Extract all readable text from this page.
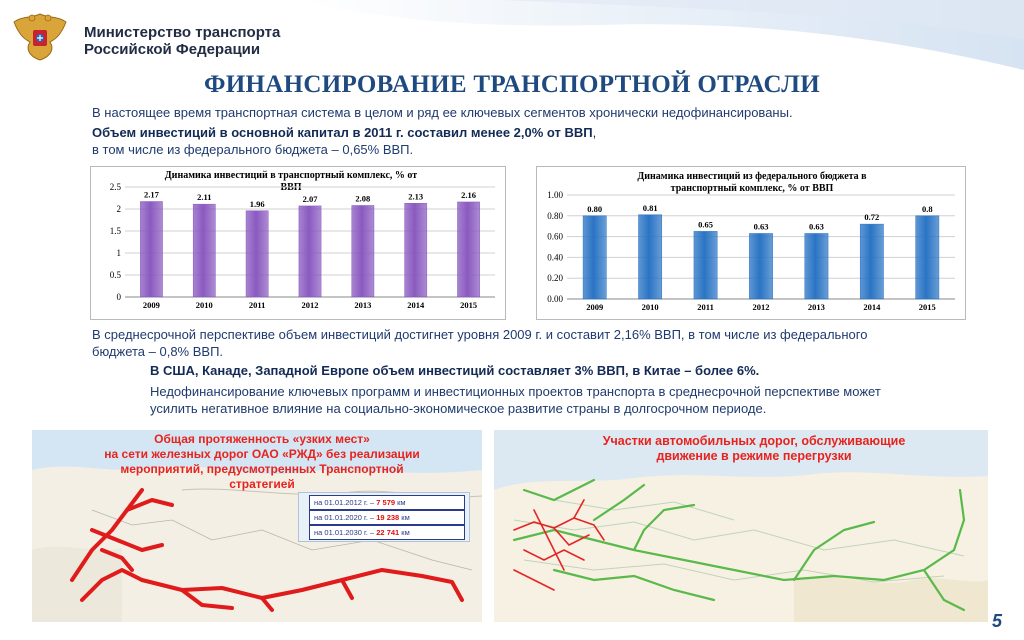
Министерство транспорта
Российской Федерации
ФИНАНСИРОВАНИЕ ТРАНСПОРТНОЙ ОТРАСЛИ
В настоящее время транспортная система в целом и ряд ее ключевых сегментов хронически недофинансированы.
Объем инвестиций в основной капитал в 2011 г. составил менее 2,0% от ВВП,
в том числе из федерального бюджета – 0,65% ВВП.
Динамика инвестиций в транспортный комплекс, % от ВВП
0
0.5
1
1.5
2
2.5
2.17
2009
2.11
2010
1.96
2011
2.07
2012
2.08
2013
2.13
2014
2.16
2015
Динамика инвестиций из федерального бюджета в
транспортный комплекс, % от ВВП
0.00
0.20
0.40
0.60
0.80
1.00
0.80
2009
0.81
2010
0.65
2011
0.63
2012
0.63
2013
0.72
2014
0.8
2015
В среднесрочной перспективе объем инвестиций достигнет уровня 2009 г. и составит 2,16% ВВП, в том числе из федерального
бюджета – 0,8% ВВП.
В США, Канаде, Западной Европе объем инвестиций составляет 3% ВВП, в Китае – более 6%.
Недофинансирование ключевых программ и инвестиционных проектов транспорта в среднесрочной перспективе может
усилить негативное влияние на социально-экономическое развитие страны в долгосрочном периоде.
Общая протяженность «узких мест»
на сети железных дорог ОАО «РЖД» без реализации
мероприятий, предусмотренных Транспортной
стратегией
на 01.01.2012 г. – 7 579 км
на 01.01.2020 г. – 19 238 км
на 01.01.2030 г. – 22 741 км
Участки автомобильных дорог, обслуживающие
движение в режиме перегрузки
5
